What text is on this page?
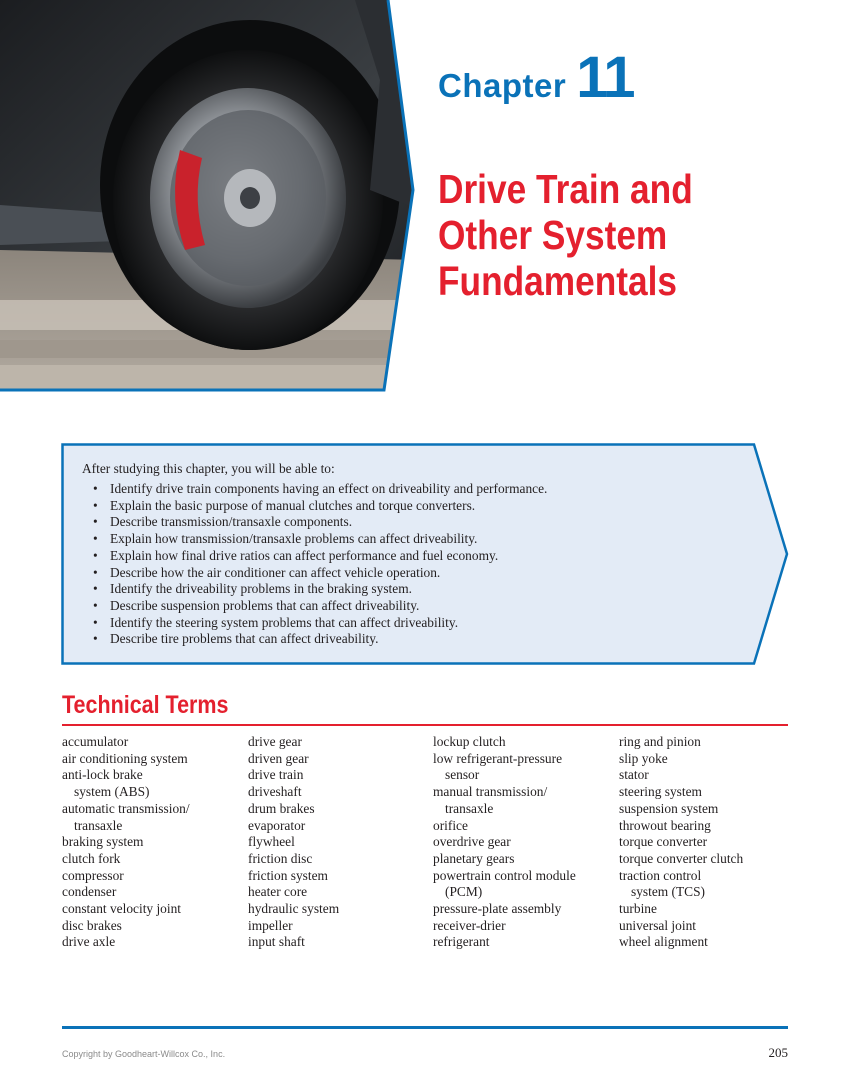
Chapter 11
Drive Train and
Other System
Fundamentals

After studying this chapter, you will be able to:

• Identify drive train components having an effect on driveability and performance.
• Explain the basic purpose of manual clutches and torque converters.
• Describe transmission/transaxle components.
• Explain how transmission/transaxle problems can affect driveability.
• Explain how final drive ratios can affect performance and fuel economy.
• Describe how the air conditioner can affect vehicle operation.
• Identify the driveability problems in the braking system.
• Describe suspension problems that can affect driveability.
• Identify the steering system problems that can affect driveability.
• Describe tire problems that can affect driveability.
Technical Terms
accumulator
air conditioning system
anti-lock brake
system (ABS)
automatic transmission/
transaxle
braking system
clutch fork
compressor
condenser
constant velocity joint
disc brakes
drive axle
drive gear
driven gear
drive train
driveshaft
drum brakes
evaporator
flywheel
friction disc
friction system
heater core
hydraulic system
impeller
input shaft
lockup clutch
low refrigerant-pressure
sensor
manual transmission/
transaxle
orifice
overdrive gear
planetary gears
powertrain control module
(PCM)
pressure-plate assembly
receiver-drier
refrigerant
ring and pinion
slip yoke
stator
steering system
suspension system
throwout bearing
torque converter
torque converter clutch
traction control
system (TCS)
turbine
universal joint
wheel alignment
Copyright by Goodheart-Willcox Co., Inc.	205
